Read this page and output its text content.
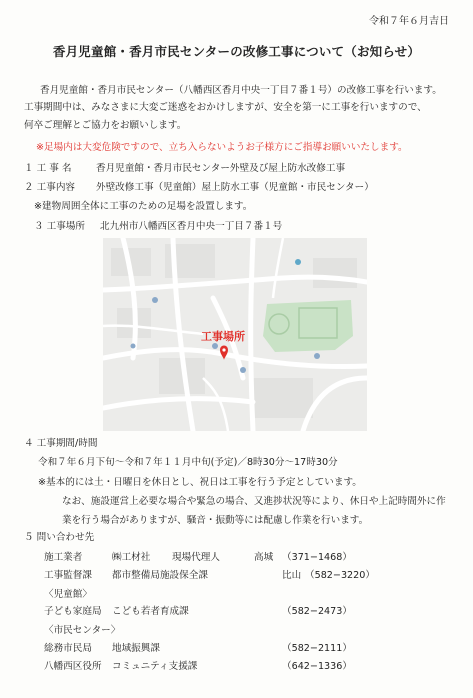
令和７年６月吉日
香月児童館・香月市民センターの改修工事について（お知らせ）
香月児童館・香月市民センター（八幡西区香月中央一丁目７番１号）の改修工事を行います。
工事期間中は、みなさまに大変ご迷惑をおかけしますが、安全を第一に工事を行いますので、
何卒ご理解とご協力をお願いします。
※足場内は大変危険ですので、立ち入らないようお子様方にご指導お願いいたします。
１ 工 事 名	香月児童館・香月市民センター外壁及び屋上防水改修工事
２ 工事内容 外壁改修工事（児童館）屋上防水工事（児童館・市民センター）
※建物周囲全体に工事のための足場を設置します。
３ 工事場所 北九州市八幡西区香月中央一丁目７番１号
工事場所
４ 工事期間/時間
令和７年６月下旬〜令和７年１１月中旬(予定)／8時30分〜17時30分
※基本的には土・日曜日を休日とし、祝日は工事を行う予定としています。
なお、施設運営上必要な場合や緊急の場合、又進捗状況等により、休日や上記時間外に作
業を行う場合がありますが、騒音・振動等には配慮し作業を行います。
５ 問い合わせ先
施工業者	㈱工材社 現場代理人	高城 （371−1468）
工事監督課 都市整備局施設保全課	比山 （582−3220）
〈児童館〉
子ども家庭局 こども若者育成課	（582−2473）
〈市民センター〉
総務市民局 地域振興課	（582−2111）
八幡西区役所 コミュニティ支援課	（642−1336）
